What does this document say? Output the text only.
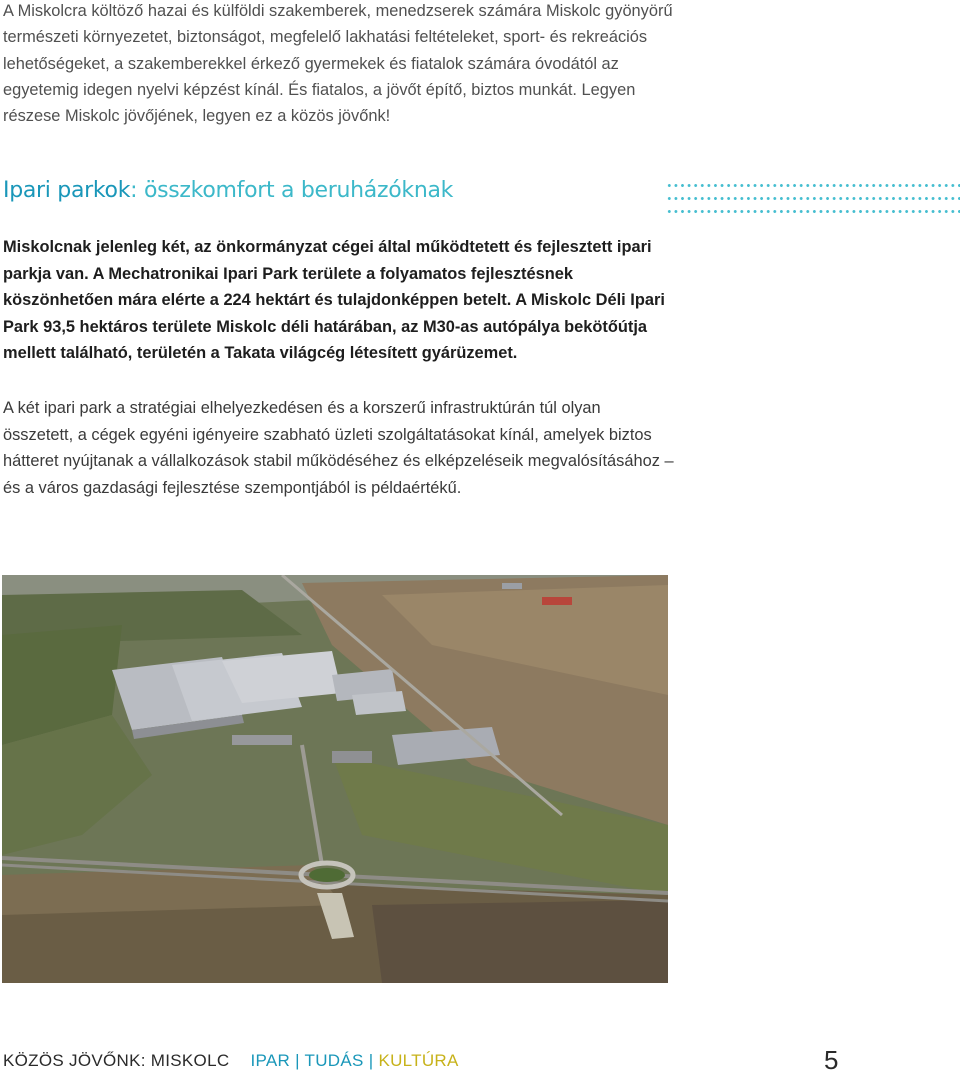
A Miskolcra költöző hazai és külföldi szakemberek, menedzserek számára Miskolc gyönyörű természeti környezetet, biztonságot, megfelelő lakhatási feltételeket, sport- és rekreációs lehetőségeket, a szakemberekkel érkező gyermekek és fiatalok számára óvodától az egyetemig idegen nyelvi képzést kínál. És fiatalos, a jövőt építő, biztos munkát. Legyen részese Miskolc jövőjének, legyen ez a közös jövőnk!

Ipari parkok: összkomfort a beruházóknak

Miskolcnak jelenleg két, az önkormányzat cégei által működtetett és fejlesztett ipari parkja van. A Mechatronikai Ipari Park területe a folyamatos fejlesztésnek köszönhetően mára elérte a 224 hektárt és tulajdonképpen betelt. A Miskolc Déli Ipari Park 93,5 hektáros területe Miskolc déli határában, az M30-as autópálya bekötőútja mellett található, területén a Takata világcég létesített gyárüzemet.

A két ipari park a stratégiai elhelyezkedésen és a korszerű infrastruktúrán túl olyan összetett, a cégek egyéni igényeire szabható üzleti szolgáltatásokat kínál, amelyek biztos hátteret nyújtanak a vállalkozások stabil működéséhez és elképzeléseik megvalósításához – és a város gazdasági fejlesztése szempontjából is példaértékű.

KÖZÖS JÖVŐNK: MISKOLC IPAR | TUDÁS | KULTÚRA	5
